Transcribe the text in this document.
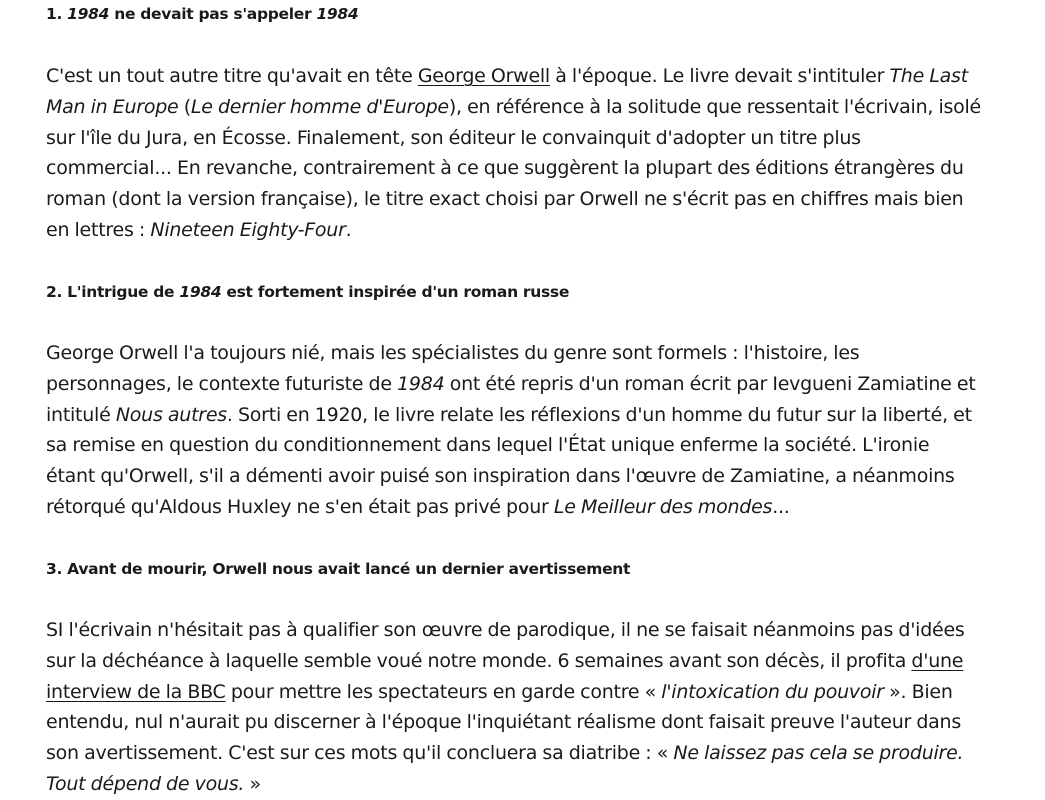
1. 1984 ne devait pas s'appeler 1984

C'est un tout autre titre qu'avait en tête George Orwell à l'époque. Le livre devait s'intituler The Last Man in Europe (Le dernier homme d'Europe), en référence à la solitude que ressentait l'écrivain, isolé sur l'île du Jura, en Écosse. Finalement, son éditeur le convainquit d'adopter un titre plus commercial... En revanche, contrairement à ce que suggèrent la plupart des éditions étrangères du roman (dont la version française), le titre exact choisi par Orwell ne s'écrit pas en chiffres mais bien en lettres : Nineteen Eighty-Four.

2. L'intrigue de 1984 est fortement inspirée d'un roman russe

George Orwell l'a toujours nié, mais les spécialistes du genre sont formels : l'histoire, les personnages, le contexte futuriste de 1984 ont été repris d'un roman écrit par Ievgueni Zamiatine et intitulé Nous autres. Sorti en 1920, le livre relate les réflexions d'un homme du futur sur la liberté, et sa remise en question du conditionnement dans lequel l'État unique enferme la société. L'ironie étant qu'Orwell, s'il a démenti avoir puisé son inspiration dans l'œuvre de Zamiatine, a néanmoins rétorqué qu'Aldous Huxley ne s'en était pas privé pour Le Meilleur des mondes...

3. Avant de mourir, Orwell nous avait lancé un dernier avertissement

SI l'écrivain n'hésitait pas à qualifier son œuvre de parodique, il ne se faisait néanmoins pas d'idées sur la déchéance à laquelle semble voué notre monde. 6 semaines avant son décès, il profita d'une interview de la BBC pour mettre les spectateurs en garde contre « l'intoxication du pouvoir ». Bien entendu, nul n'aurait pu discerner à l'époque l'inquiétant réalisme dont faisait preuve l'auteur dans son avertissement. C'est sur ces mots qu'il concluera sa diatribe : « Ne laissez pas cela se produire. Tout dépend de vous. »
